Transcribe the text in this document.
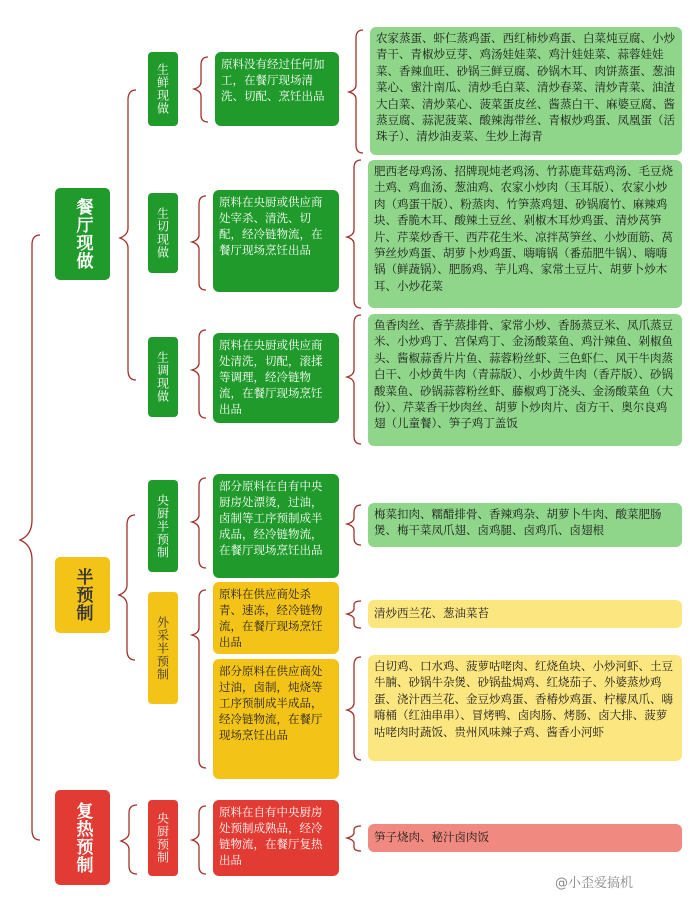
餐厅现做
半预制
复热预制
生鲜现做
生切现做
生调现做
央厨半预制
外采半预制
央厨预制
原料没有经过任何加工，在餐厅现场清洗、切配、烹饪出品
原料在央厨或供应商处宰杀、清洗、切配，经冷链物流，在餐厅现场烹饪出品
原料在央厨或供应商处清洗，切配，滚揉等调理，经冷链物流，在餐厅现场烹饪出品
部分原料在自有中央厨房处漂烫，过油，卤制等工序预制成半成品，经冷链物流，在餐厅现场烹饪出品
原料在供应商处杀青、速冻，经冷链物流，在餐厅现场烹饪出品
部分原料在供应商处过油，卤制，炖烧等工序预制成半成品，经冷链物流，在餐厅现场烹饪出品
原料在自有中央厨房处预制成熟品，经冷链物流，在餐厅复热出品
农家蒸蛋、虾仁蒸鸡蛋、西红柿炒鸡蛋、白菜炖豆腐、小炒青干、青椒炒豆芽、鸡汤娃娃菜、鸡汁娃娃菜、蒜蓉娃娃菜、香辣血旺、砂锅三鲜豆腐、砂锅木耳、肉饼蒸蛋、葱油菜心、蜜汁南瓜、清炒毛白菜、清炒春菜、清炒青菜、油渣大白菜、清炒菜心、菠菜蛋皮丝、酱蒸白干、麻婆豆腐、酱蒸豆腐、蒜泥菠菜、酸辣海带丝、青椒炒鸡蛋、凤凰蛋（活珠子）、清炒油麦菜、生炒上海青
肥西老母鸡汤、招牌现炖老鸡汤、竹荪鹿茸菇鸡汤、毛豆烧土鸡、鸡血汤、葱油鸡、农家小炒肉（玉耳版）、农家小炒肉（鸡蛋干版）、粉蒸肉、竹笋蒸鸡翅、砂锅腐竹、麻辣鸡块、香脆木耳、酸辣土豆丝、剁椒木耳炒鸡蛋、清炒莴笋片、芹菜炒香干、西芹花生米、凉拌莴笋丝、小炒面筋、莴笋丝炒鸡蛋、胡萝卜炒鸡蛋、嗨嗨锅（番茄肥牛锅）、嗨嗨锅（鲜蔬锅）、肥肠鸡、芋儿鸡、家常土豆片、胡萝卜炒木耳、小炒花菜
鱼香肉丝、香芋蒸排骨、家常小炒、香肠蒸豆米、凤爪蒸豆米、小炒鸡丁、宫保鸡丁、金汤酸菜鱼、鸡汁辣鱼、剁椒鱼头、酱椒蒜香片片鱼、蒜蓉粉丝虾、三色虾仁、风干牛肉蒸白干、小炒黄牛肉（青蒜版）、小炒黄牛肉（香芹版）、砂锅酸菜鱼、砂锅蒜蓉粉丝虾、藤椒鸡丁浇头、金汤酸菜鱼（大份）、芹菜香干炒肉丝、胡萝卜炒肉片、卤方干、奥尔良鸡翅（儿童餐）、笋子鸡丁盖饭
梅菜扣肉、糯醋排骨、香辣鸡杂、胡萝卜牛肉、酸菜肥肠煲、梅干菜凤爪翅、卤鸡腿、卤鸡爪、卤翅根
清炒西兰花、葱油菜苔
白切鸡、口水鸡、菠萝咕咾肉、红烧鱼块、小炒河虾、土豆牛腩、砂锅牛杂煲、砂锅盐焗鸡、红烧茄子、外婆蒸炒鸡蛋、浇汁西兰花、金豆炒鸡蛋、香椿炒鸡蛋、柠檬凤爪、嗨嗨桶（红油串串）、冒烤鸭、卤肉肠、烤肠、卤大排、菠萝咕咾肉时蔬饭、贵州风味辣子鸡、酱香小河虾
笋子烧肉、秘汁卤肉饭
@小歪爱搞机
